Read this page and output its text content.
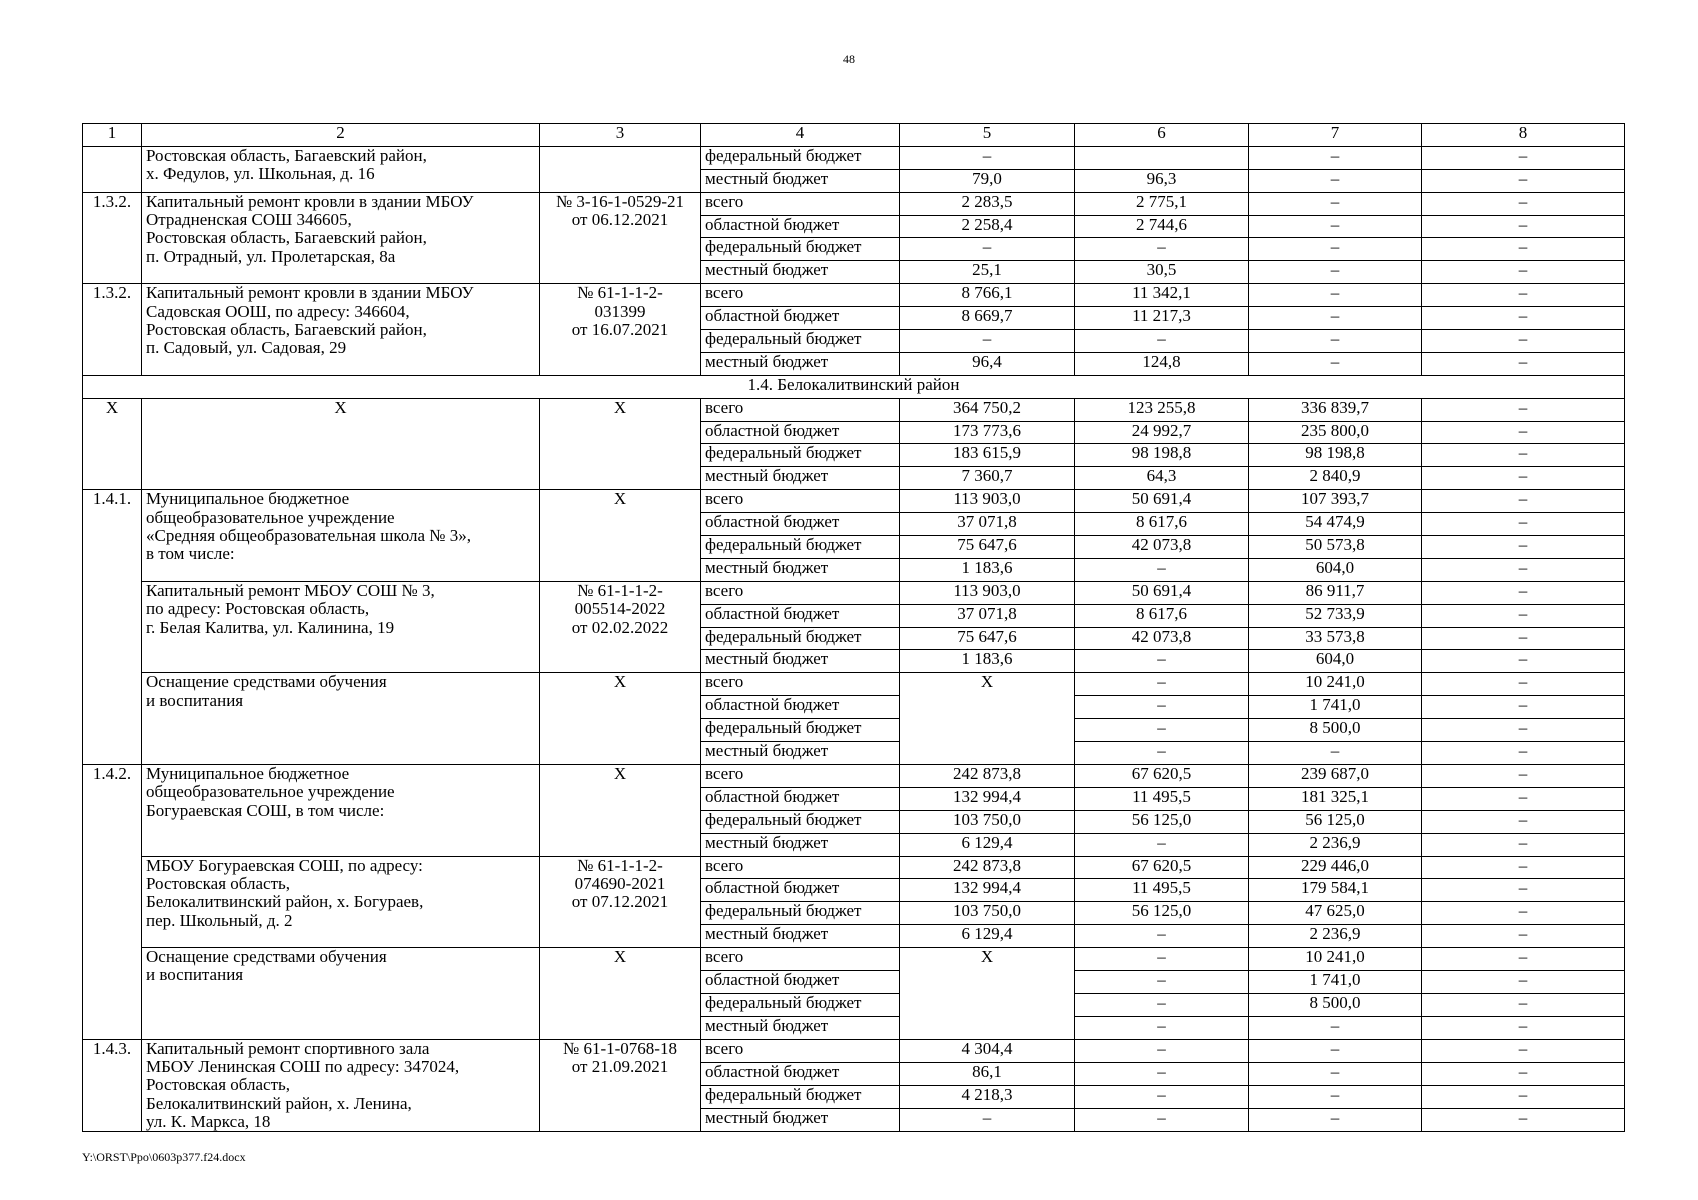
48
1	2	3	4	5	6	7	8
	Ростовская область, Багаевский район,
х. Федулов, ул. Школьная, д. 16		федеральный бюджет	–		–	–
			местный бюджет	79,0	96,3	–	–
1.3.2.	Капитальный ремонт кровли в здании МБОУ
Отрадненская СОШ 346605,
Ростовская область, Багаевский район,
п. Отрадный, ул. Пролетарская, 8а	№ 3-16-1-0529-21
от 06.12.2021	всего	2 283,5	2 775,1	–	–
			областной бюджет	2 258,4	2 744,6	–	–
			федеральный бюджет	–	–	–	–
			местный бюджет	25,1	30,5	–	–
1.3.2.	Капитальный ремонт кровли в здании МБОУ
Садовская ООШ, по адресу: 346604,
Ростовская область, Багаевский район,
п. Садовый, ул. Садовая, 29	№ 61-1-1-2-
031399
от 16.07.2021	всего	8 766,1	11 342,1	–	–
			областной бюджет	8 669,7	11 217,3	–	–
			федеральный бюджет	–	–	–	–
			местный бюджет	96,4	124,8	–	–
1.4. Белокалитвинский район							
Х	Х	Х	всего	364 750,2	123 255,8	336 839,7	–
			областной бюджет	173 773,6	24 992,7	235 800,0	–
			федеральный бюджет	183 615,9	98 198,8	98 198,8	–
			местный бюджет	7 360,7	64,3	2 840,9	–
1.4.1.	Муниципальное бюджетное
общеобразовательное учреждение
«Средняя общеобразовательная школа № 3»,
в том числе:	Х	всего	113 903,0	50 691,4	107 393,7	–
			областной бюджет	37 071,8	8 617,6	54 474,9	–
			федеральный бюджет	75 647,6	42 073,8	50 573,8	–
			местный бюджет	1 183,6	–	604,0	–
	Капитальный ремонт МБОУ СОШ № 3,
по адресу: Ростовская область,
г. Белая Калитва, ул. Калинина, 19	№ 61-1-1-2-
005514-2022
от 02.02.2022	всего	113 903,0	50 691,4	86 911,7	–
			областной бюджет	37 071,8	8 617,6	52 733,9	–
			федеральный бюджет	75 647,6	42 073,8	33 573,8	–
			местный бюджет	1 183,6	–	604,0	–
	Оснащение средствами обучения
и воспитания	Х	всего	Х	–	10 241,0	–
			областной бюджет		–	1 741,0	–
			федеральный бюджет		–	8 500,0	–
			местный бюджет		–	–	–
1.4.2.	Муниципальное бюджетное
общеобразовательное учреждение
Богураевская СОШ, в том числе:	Х	всего	242 873,8	67 620,5	239 687,0	–
			областной бюджет	132 994,4	11 495,5	181 325,1	–
			федеральный бюджет	103 750,0	56 125,0	56 125,0	–
			местный бюджет	6 129,4	–	2 236,9	–
	МБОУ Богураевская СОШ, по адресу:
Ростовская область,
Белокалитвинский район, х. Богураев,
пер. Школьный, д. 2	№ 61-1-1-2-
074690-2021
от 07.12.2021	всего	242 873,8	67 620,5	229 446,0	–
			областной бюджет	132 994,4	11 495,5	179 584,1	–
			федеральный бюджет	103 750,0	56 125,0	47 625,0	–
			местный бюджет	6 129,4	–	2 236,9	–
	Оснащение средствами обучения
и воспитания	Х	всего	Х	–	10 241,0	–
			областной бюджет		–	1 741,0	–
			федеральный бюджет		–	8 500,0	–
			местный бюджет		–	–	–
1.4.3.	Капитальный ремонт спортивного зала
МБОУ Ленинская СОШ по адресу: 347024,
Ростовская область,
Белокалитвинский район, х. Ленина,
ул. К. Маркса, 18	№ 61-1-0768-18
от 21.09.2021	всего	4 304,4	–	–	–
			областной бюджет	86,1	–	–	–
			федеральный бюджет	4 218,3	–	–	–
			местный бюджет	–	–	–	–
Y:\ORST\Ppo\0603p377.f24.docx
